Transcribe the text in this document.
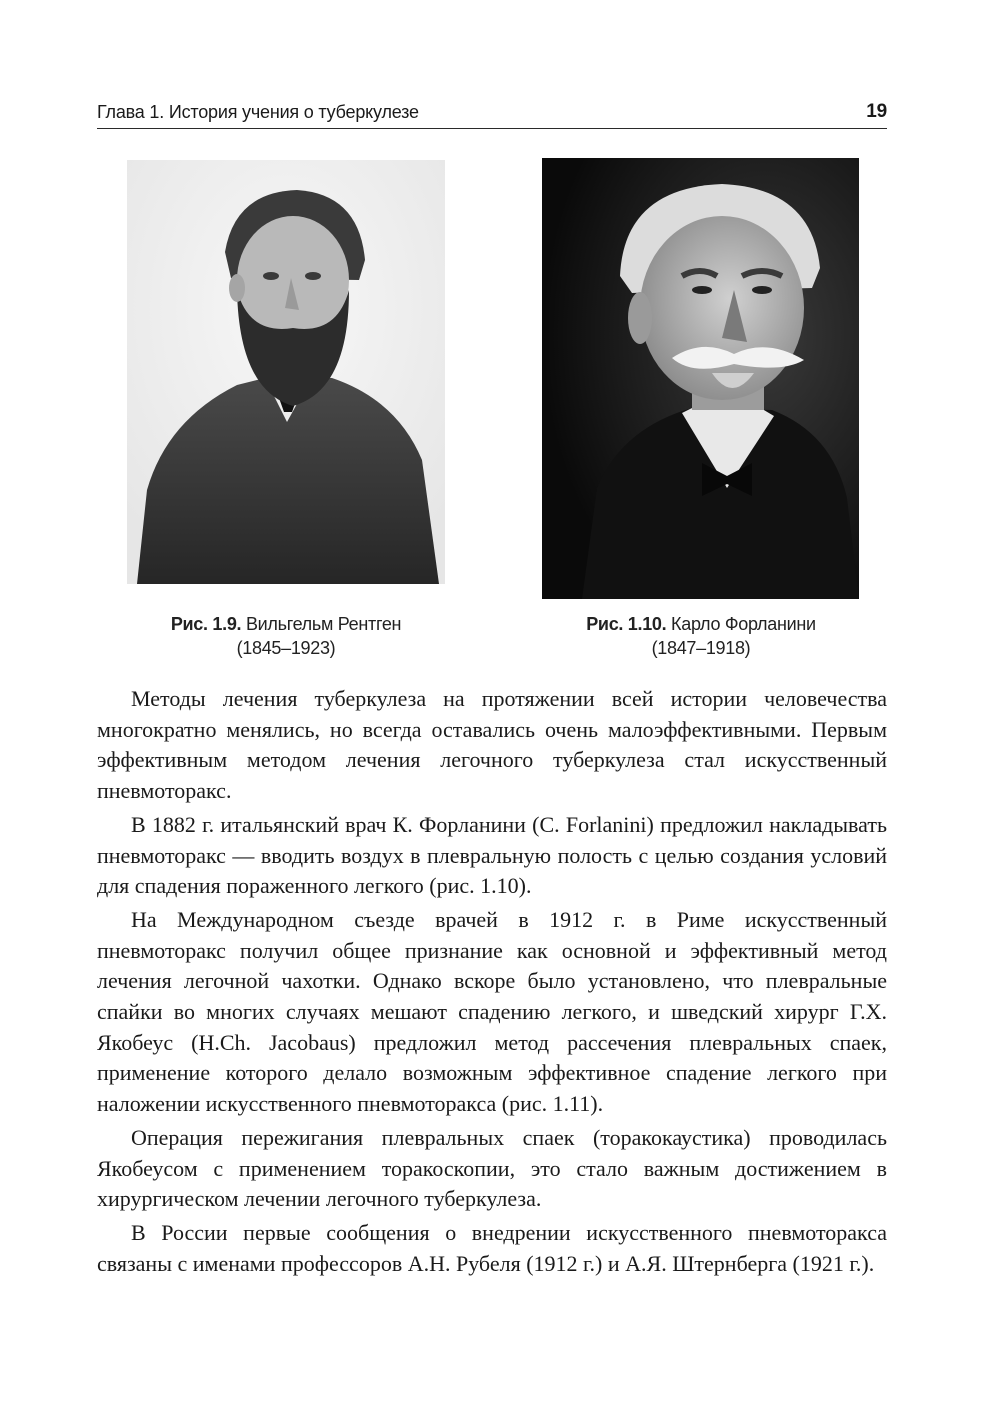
Глава 1. История учения о туберкулезе	19
Рис. 1.9. Вильгельм Рентген
(1845–1923)
Рис. 1.10. Карло Форланини
(1847–1918)

Методы лечения туберкулеза на протяжении всей истории человечества многократно менялись, но всегда оставались очень малоэффективными. Первым эффективным методом лечения легочного туберкулеза стал искусственный пневмоторакс.

В 1882 г. итальянский врач К. Форланини (С. Forlanini) предложил накладывать пневмоторакс — вводить воздух в плевральную полость с целью создания условий для спадения пораженного легкого (рис. 1.10).

На Международном съезде врачей в 1912 г. в Риме искусственный пневмоторакс получил общее признание как основной и эффективный метод лечения легочной чахотки. Однако вскоре было установлено, что плевральные спайки во многих случаях мешают спадению легкого, и шведский хирург Г.Х. Якобеус (H.Ch. Jacobaus) предложил метод рассечения плевральных спаек, применение которого делало возможным эффективное спадение легкого при наложении искусственного пневмоторакса (рис. 1.11).

Операция пережигания плевральных спаек (торакокаустика) проводилась Якобеусом с применением торакоскопии, это стало важным достижением в хирургическом лечении легочного туберкулеза.

В России первые сообщения о внедрении искусственного пневмоторакса связаны с именами профессоров А.Н. Рубеля (1912 г.) и А.Я. Штернберга (1921 г.).
